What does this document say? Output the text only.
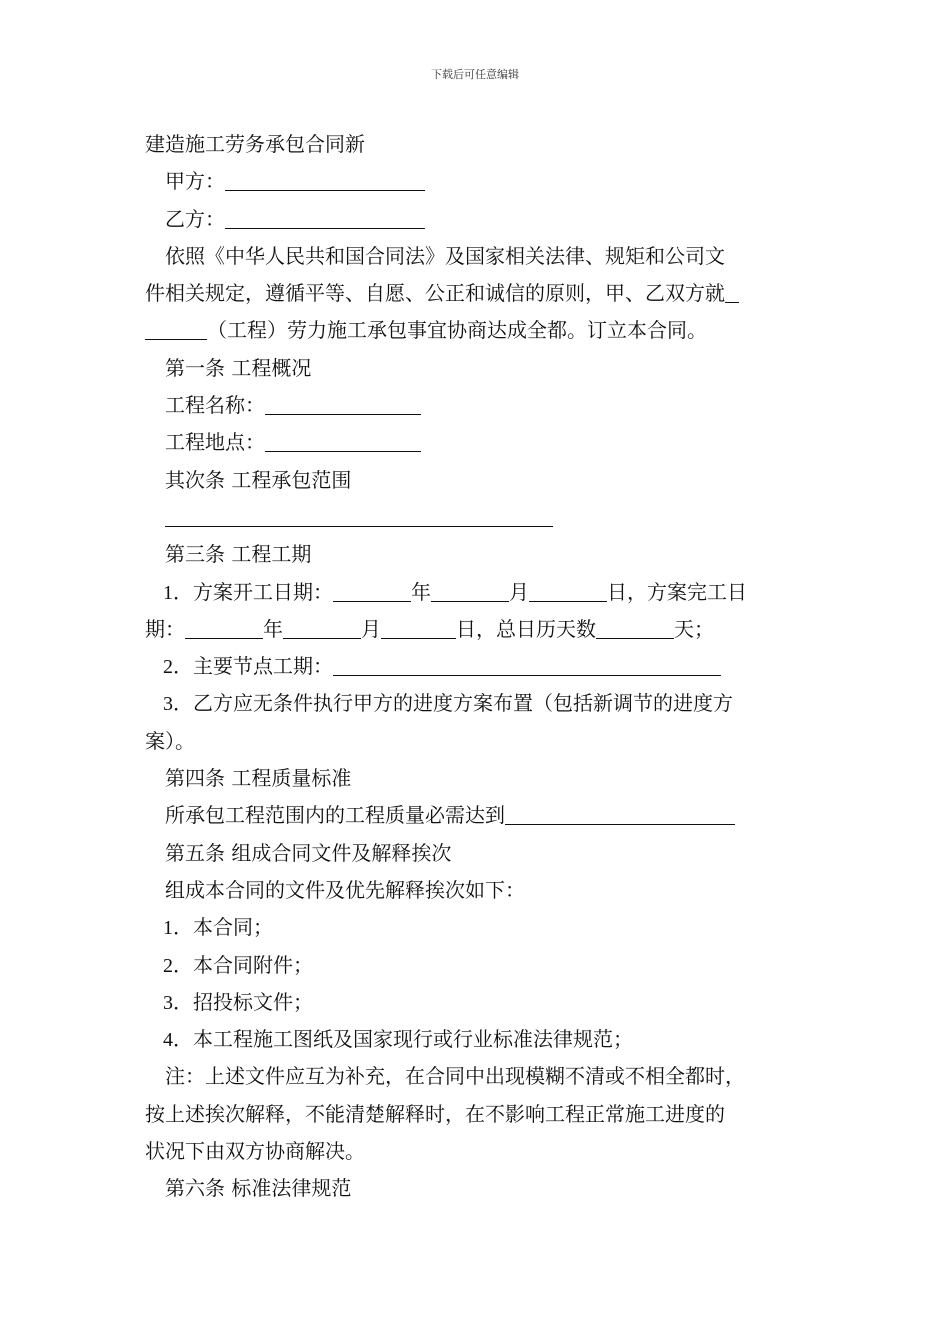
下载后可任意编辑
建造施工劳务承包合同新
甲方：
乙方：
依照《中华人民共和国合同法》及国家相关法律、规矩和公司文
件相关规定，遵循平等、自愿、公正和诚信的原则，甲、乙双方就
（工程）劳力施工承包事宜协商达成全都。订立本合同。
第一条 工程概况
工程名称：
工程地点：
其次条 工程承包范围
第三条 工程工期
1．方案开工日期：	年	月	日，方案完工日
期：	年	月	日，总日历天数	天；
2．主要节点工期：
3．乙方应无条件执行甲方的进度方案布置（包括新调节的进度方
案）。
第四条 工程质量标准
所承包工程范围内的工程质量必需达到
第五条 组成合同文件及解释挨次
组成本合同的文件及优先解释挨次如下：
1．本合同；
2．本合同附件；
3．招投标文件；
4．本工程施工图纸及国家现行或行业标准法律规范；
注：上述文件应互为补充，在合同中出现模糊不清或不相全都时，
按上述挨次解释，不能清楚解释时，在不影响工程正常施工进度的
状况下由双方协商解决。
第六条 标准法律规范
